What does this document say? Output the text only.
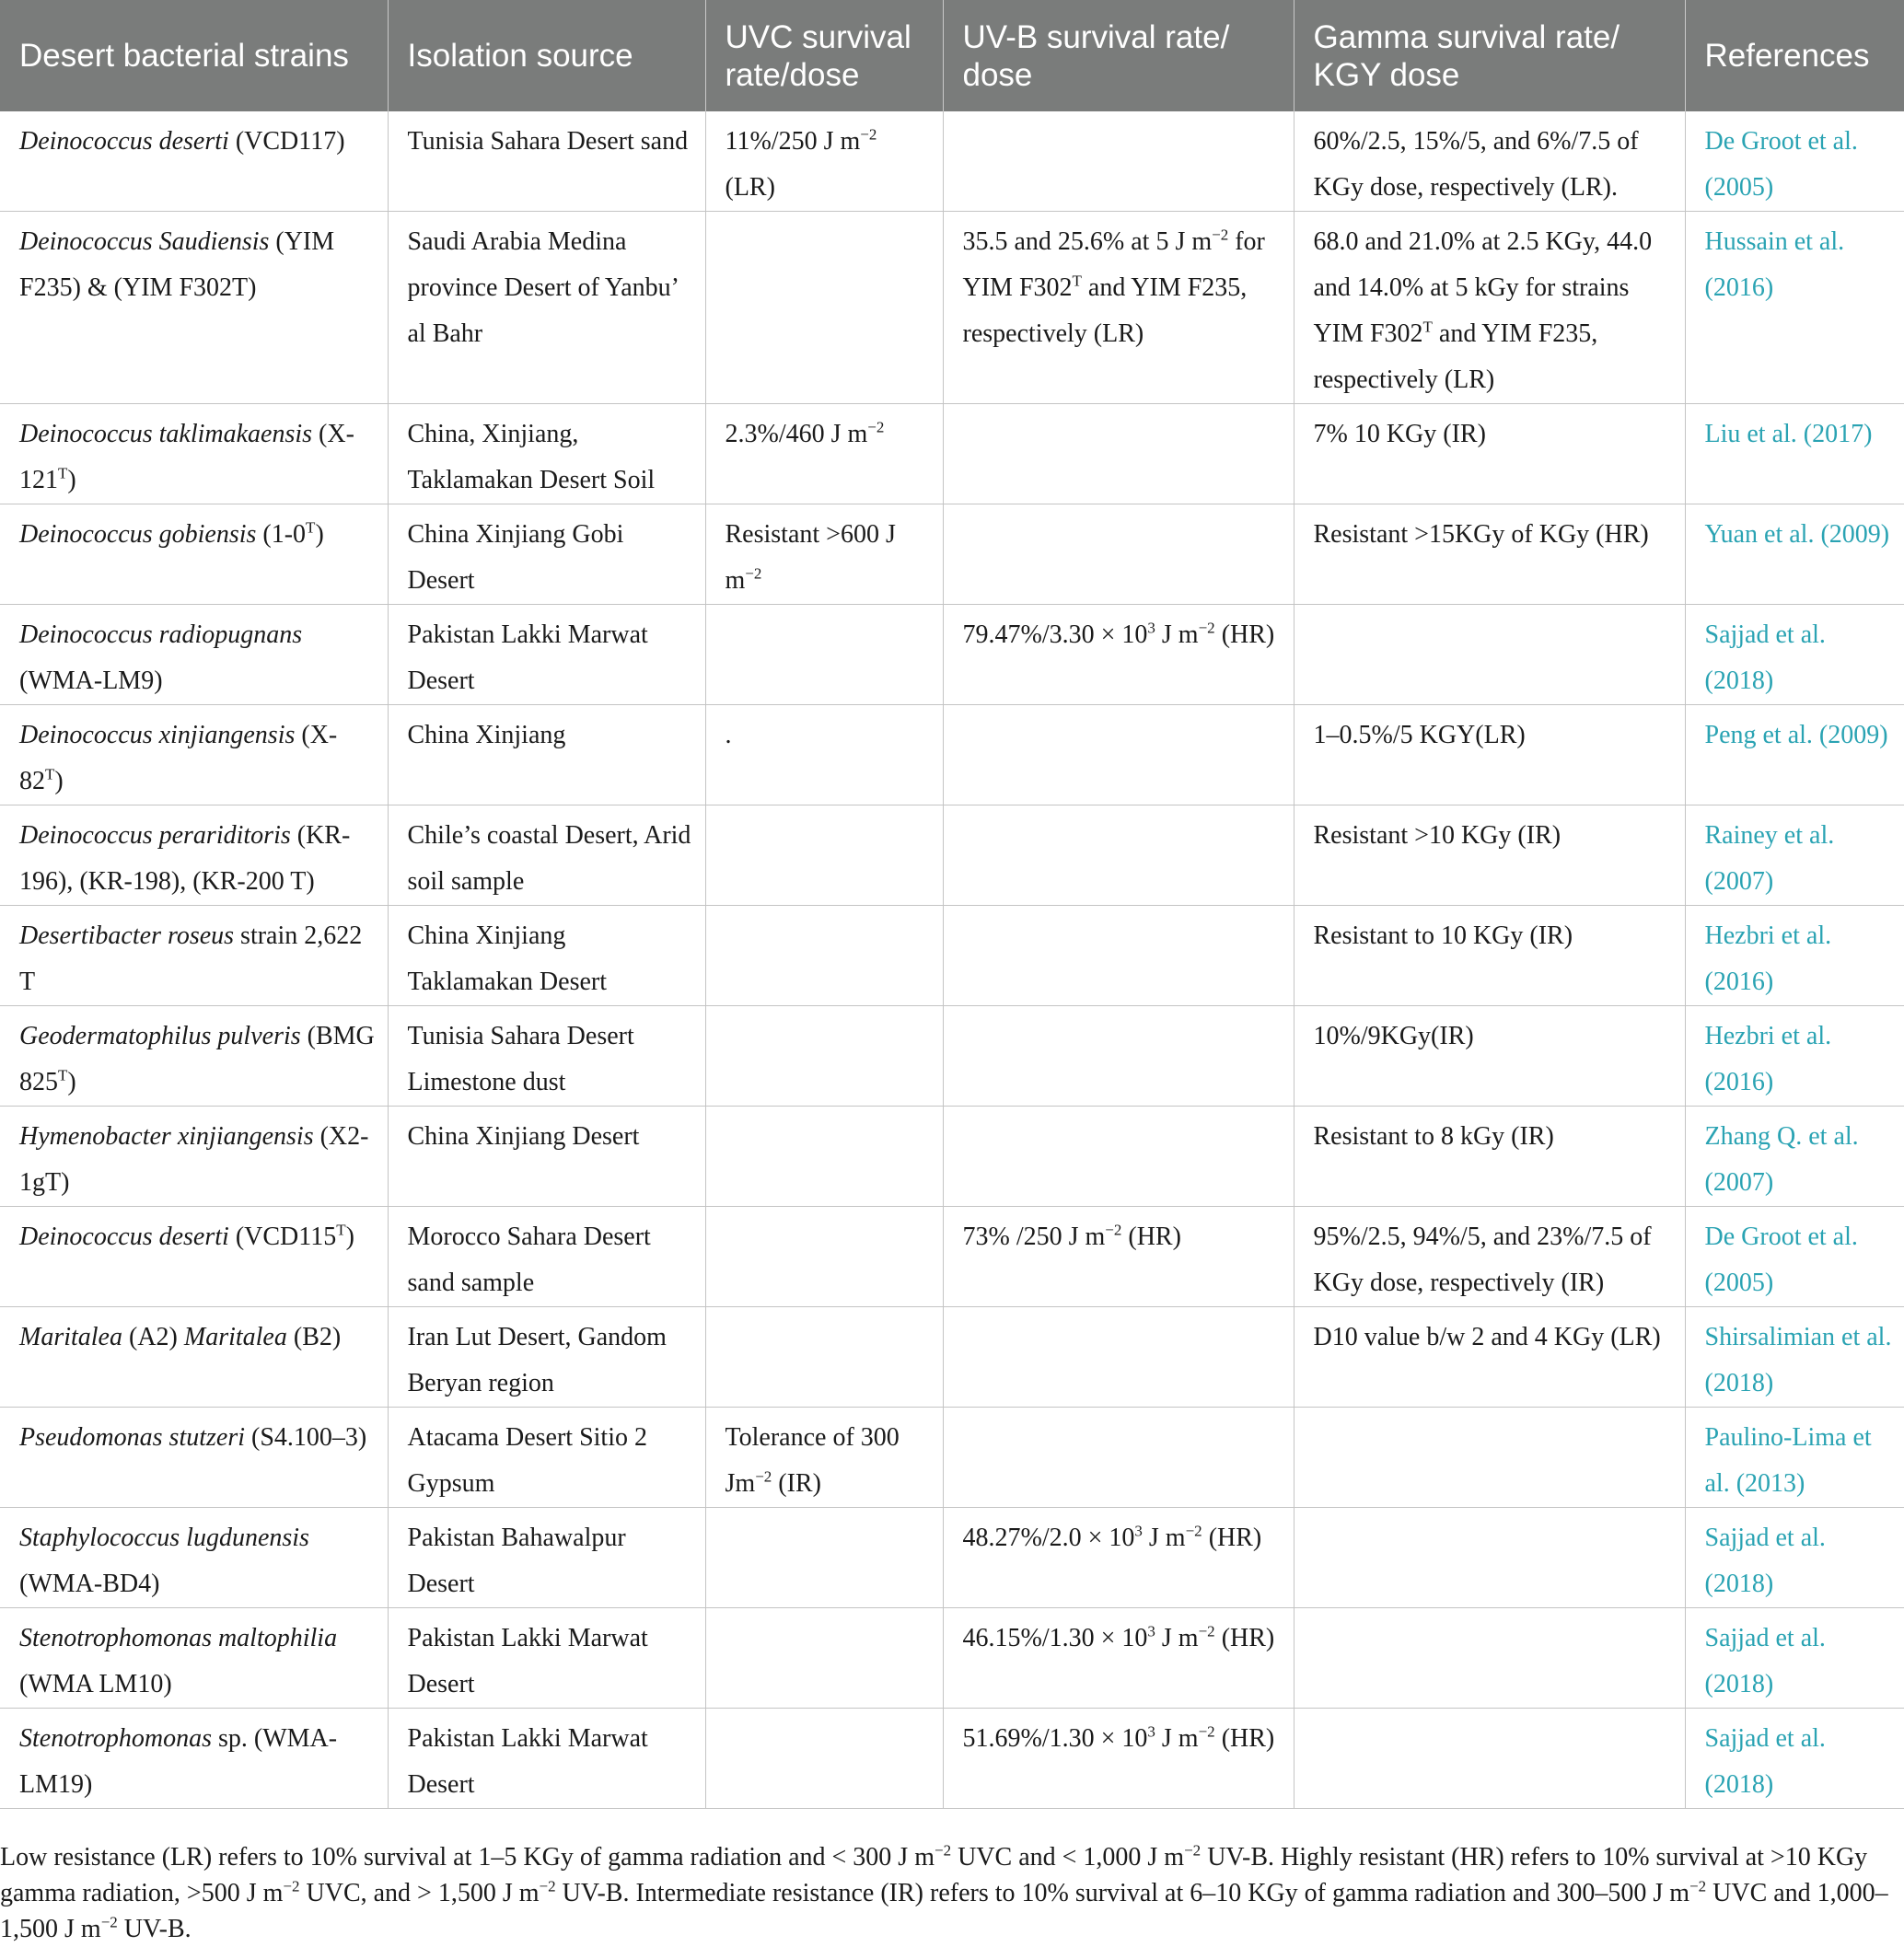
Desert bacterial strains	Isolation source	UVC survival rate/dose	UV-B survival rate/ dose	Gamma survival rate/ KGY dose	References
Deinococcus deserti (VCD117)	Tunisia Sahara Desert sand	11%/250 J $m^{-2}$ (LR)		60%/2.5, 15%/5, and 6%/7.5 of KGy dose, respectively (LR).	De Groot et al. (2005)
Deinococcus Saudiensis (YIM F235) & (YIM F302T)	Saudi Arabia Medina province Desert of Yanbu’ al Bahr		35.5 and 25.6% at 5 J $m^{-2}$ for YIM $F302^T$ and YIM F235, respectively (LR)	68.0 and 21.0% at 2.5 KGy, 44.0 and 14.0% at 5 kGy for strains YIM $F302^T$ and YIM F235, respectively (LR)	Hussain et al. (2016)
Deinococcus taklimakaensis $(X-121^T)$	China, Xinjiang, Taklamakan Desert Soil	2.3%/460 J $m^{-2}$		7% 10 KGy (IR)	Liu et al. (2017)
Deinococcus gobiensis $(1-0^T)$	China Xinjiang Gobi Desert	Resistant >600 J $m^{-2}$		Resistant >15KGy of KGy (HR)	Yuan et al. (2009)
Deinococcus radiopugnans (WMA-LM9)	Pakistan Lakki Marwat Desert		$79.47\%/3.30 \times 10^3$ J $m^{-2}$ (HR)		Sajjad et al. (2018)
Deinococcus xinjiangensis $(X-82^T)$	China Xinjiang	.		1–0.5%/5 KGY(LR)	Peng et al. (2009)
Deinococcus perariditoris (KR-196), (KR-198), (KR-200 T)	Chile’s coastal Desert, Arid soil sample			Resistant >10 KGy (IR)	Rainey et al. (2007)
Desertibacter roseus strain 2,622 T	China Xinjiang Taklamakan Desert			Resistant to 10 KGy (IR)	Hezbri et al. (2016)
Geodermatophilus pulveris (BMG $825^T$)	Tunisia Sahara Desert Limestone dust			10%/9KGy(IR)	Hezbri et al. (2016)
Hymenobacter xinjiangensis (X2-1gT)	China Xinjiang Desert			Resistant to 8 kGy (IR)	Zhang Q. et al. (2007)
Deinococcus deserti $(VCD115^T)$	Morocco Sahara Desert sand sample		73% /250 J $m^{-2}$ (HR)	95%/2.5, 94%/5, and 23%/7.5 of KGy dose, respectively (IR)	De Groot et al. (2005)
Maritalea (A2) Maritalea (B2)	Iran Lut Desert, Gandom Beryan region			D10 value b/w 2 and 4 KGy (LR)	Shirsalimian et al. (2018)
Pseudomonas stutzeri (S4.100–3)	Atacama Desert Sitio 2 Gypsum	Tolerance of 300 $Jm^{-2}$ (IR)			Paulino-Lima et al. (2013)
Staphylococcus lugdunensis (WMA-BD4)	Pakistan Bahawalpur Desert		$48.27\%/2.0 \times 10^3$ J $m^{-2}$ (HR)		Sajjad et al. (2018)
Stenotrophomonas maltophilia (WMA LM10)	Pakistan Lakki Marwat Desert		$46.15\%/1.30 \times 10^3$ J $m^{-2}$ (HR)		Sajjad et al. (2018)
Stenotrophomonas sp. (WMA-LM19)	Pakistan Lakki Marwat Desert		$51.69\%/1.30 \times 10^3$ J $m^{-2}$ (HR)		Sajjad et al. (2018)
Low resistance (LR) refers to 10% survival at 1–5 KGy of gamma radiation and < 300 J $m^{-2}$ UVC and < 1,000 J $m^{-2}$ UV-B. Highly resistant (HR) refers to 10% survival at >10 KGy gamma radiation, >500 J $m^{-2}$ UVC, and > 1,500 J $m^{-2}$ UV-B. Intermediate resistance (IR) refers to 10% survival at 6–10 KGy of gamma radiation and 300–500 J $m^{-2}$ UVC and 1,000–1,500 J $m^{-2}$ UV-B.
